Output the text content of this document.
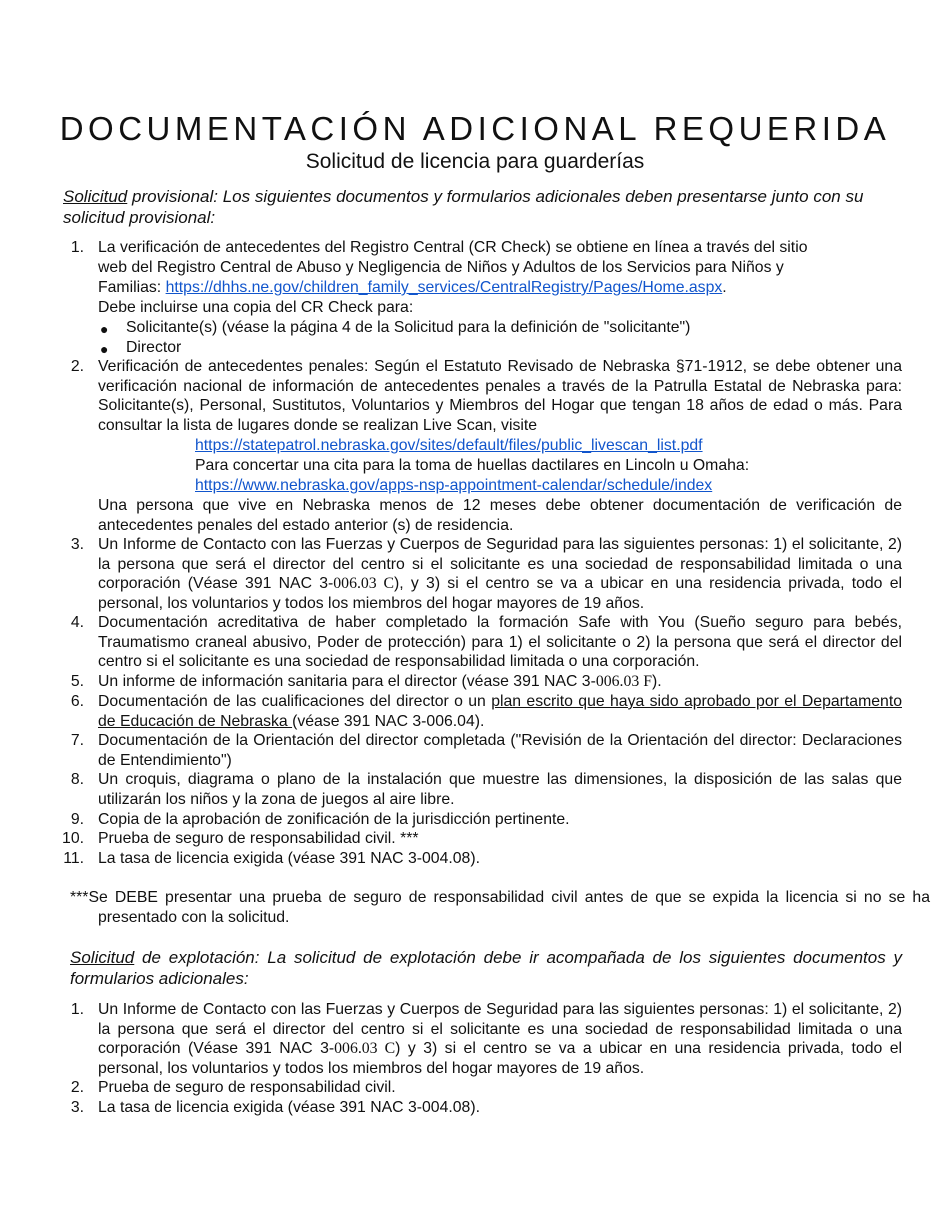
DOCUMENTACIÓN ADICIONAL REQUERIDA
Solicitud de licencia para guarderías
Solicitud provisional: Los siguientes documentos y formularios adicionales deben presentarse junto con su solicitud provisional:
1. La verificación de antecedentes del Registro Central (CR Check) se obtiene en línea a través del sitio
web del Registro Central de Abuso y Negligencia de Niños y Adultos de los Servicios para Niños y
Familias: https://dhhs.ne.gov/children_family_services/CentralRegistry/Pages/Home.aspx.
Debe incluirse una copia del CR Check para:
● Solicitante(s) (véase la página 4 de la Solicitud para la definición de "solicitante")
● Director
2. Verificación de antecedentes penales: Según el Estatuto Revisado de Nebraska §71-1912, se debe obtener una verificación nacional de información de antecedentes penales a través de la Patrulla Estatal de Nebraska para: Solicitante(s), Personal, Sustitutos, Voluntarios y Miembros del Hogar que tengan 18 años de edad o más. Para consultar la lista de lugares donde se realizan Live Scan, visite
https://statepatrol.nebraska.gov/sites/default/files/public_livescan_list.pdf
Para concertar una cita para la toma de huellas dactilares en Lincoln u Omaha:
https://www.nebraska.gov/apps-nsp-appointment-calendar/schedule/index
Una persona que vive en Nebraska menos de 12 meses debe obtener documentación de verificación de antecedentes penales del estado anterior (s) de residencia.
3. Un Informe de Contacto con las Fuerzas y Cuerpos de Seguridad para las siguientes personas: 1) el solicitante, 2) la persona que será el director del centro si el solicitante es una sociedad de responsabilidad limitada o una corporación (Véase 391 NAC 3-006.03 C), y 3) si el centro se va a ubicar en una residencia privada, todo el personal, los voluntarios y todos los miembros del hogar mayores de 19 años.
4. Documentación acreditativa de haber completado la formación Safe with You (Sueño seguro para bebés, Traumatismo craneal abusivo, Poder de protección) para 1) el solicitante o 2) la persona que será el director del centro si el solicitante es una sociedad de responsabilidad limitada o una corporación.
5. Un informe de información sanitaria para el director (véase 391 NAC 3-006.03 F).
6. Documentación de las cualificaciones del director o un plan escrito que haya sido aprobado por el Departamento de Educación de Nebraska (véase 391 NAC 3-006.04).
7. Documentación de la Orientación del director completada ("Revisión de la Orientación del director: Declaraciones de Entendimiento")
8. Un croquis, diagrama o plano de la instalación que muestre las dimensiones, la disposición de las salas que utilizarán los niños y la zona de juegos al aire libre.
9. Copia de la aprobación de zonificación de la jurisdicción pertinente.
10. Prueba de seguro de responsabilidad civil. ***
11. La tasa de licencia exigida (véase 391 NAC 3-004.08).
***Se DEBE presentar una prueba de seguro de responsabilidad civil antes de que se expida la licencia si no se ha presentado con la solicitud.
Solicitud de explotación: La solicitud de explotación debe ir acompañada de los siguientes documentos y formularios adicionales:
1. Un Informe de Contacto con las Fuerzas y Cuerpos de Seguridad para las siguientes personas: 1) el solicitante, 2) la persona que será el director del centro si el solicitante es una sociedad de responsabilidad limitada o una corporación (Véase 391 NAC 3-006.03 C) y 3) si el centro se va a ubicar en una residencia privada, todo el personal, los voluntarios y todos los miembros del hogar mayores de 19 años.
2. Prueba de seguro de responsabilidad civil.
3. La tasa de licencia exigida (véase 391 NAC 3-004.08).
